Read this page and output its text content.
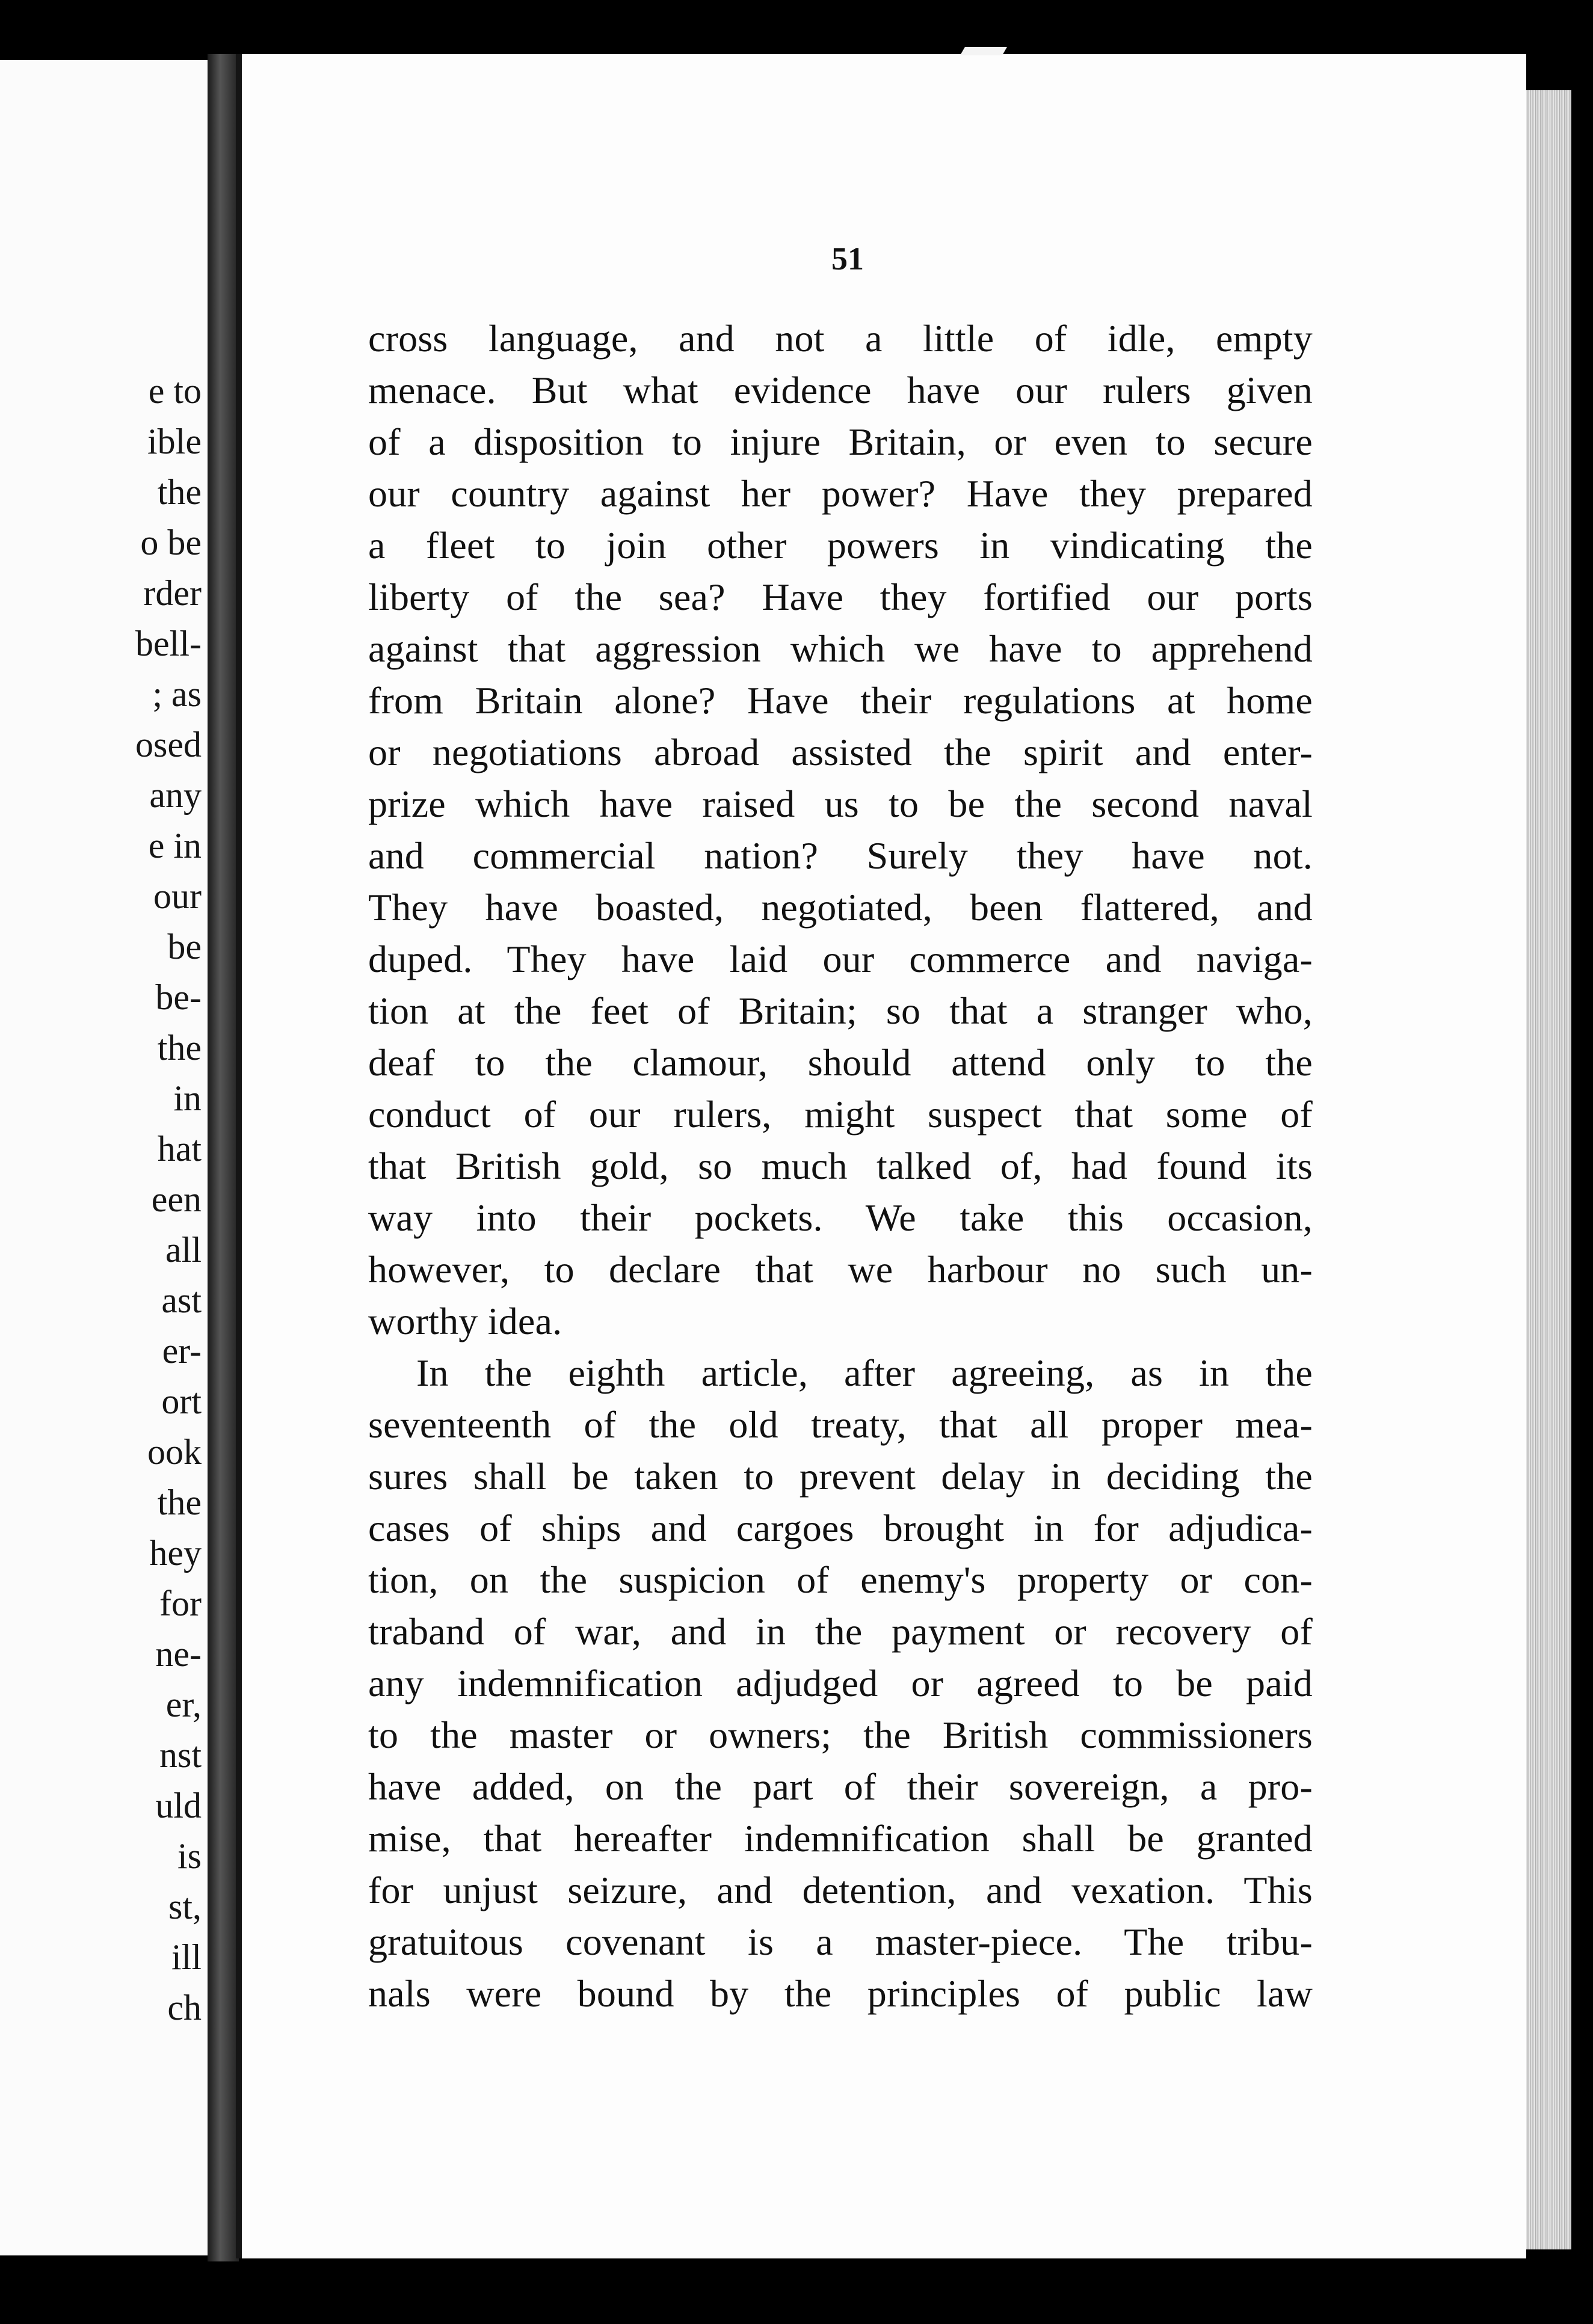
e to
ible
the
o be
rder
bell-
; as
osed
any
e in
our
be
be-
the
in
hat
een
all
ast
er-
ort
ook
the
hey
for
ne-
er,
nst
uld
is
st,
ill
ch
51
cross language, and not a little of idle, empty
menace. But what evidence have our rulers given
of a disposition to injure Britain, or even to secure
our country against her power? Have they prepared
a fleet to join other powers in vindicating the
liberty of the sea? Have they fortified our ports
against that aggression which we have to apprehend
from Britain alone? Have their regulations at home
or negotiations abroad assisted the spirit and enter-
prize which have raised us to be the second naval
and commercial nation? Surely they have not.
They have boasted, negotiated, been flattered, and
duped. They have laid our commerce and naviga-
tion at the feet of Britain; so that a stranger who,
deaf to the clamour, should attend only to the
conduct of our rulers, might suspect that some of
that British gold, so much talked of, had found its
way into their pockets. We take this occasion,
however, to declare that we harbour no such un-
worthy idea.
In the eighth article, after agreeing, as in the
seventeenth of the old treaty, that all proper mea-
sures shall be taken to prevent delay in deciding the
cases of ships and cargoes brought in for adjudica-
tion, on the suspicion of enemy's property or con-
traband of war, and in the payment or recovery of
any indemnification adjudged or agreed to be paid
to the master or owners; the British commissioners
have added, on the part of their sovereign, a pro-
mise, that hereafter indemnification shall be granted
for unjust seizure, and detention, and vexation. This
gratuitous covenant is a master-piece. The tribu-
nals were bound by the principles of public law
